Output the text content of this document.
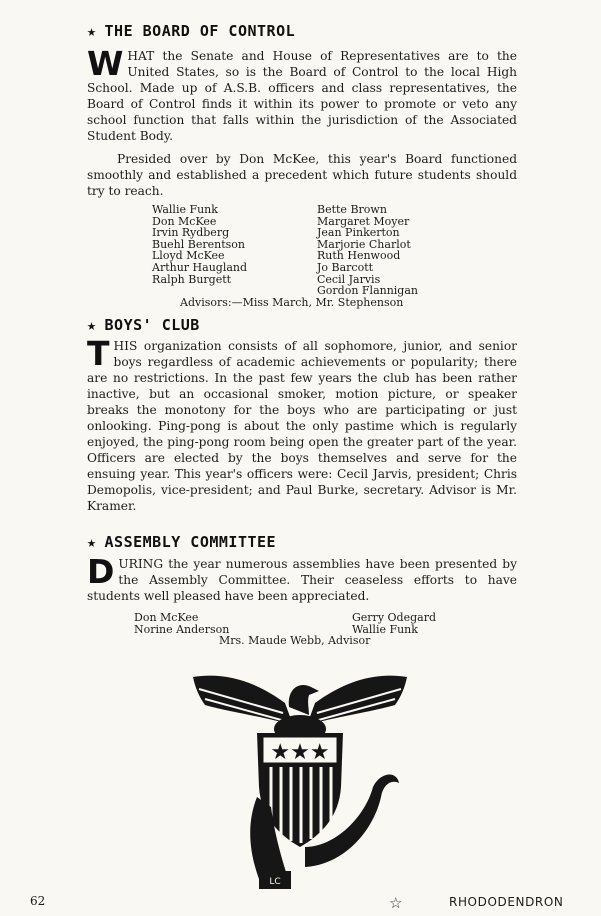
★ THE BOARD OF CONTROL

WHAT the Senate and House of Representatives are to the United States, so is the Board of Control to the local High School. Made up of A.S.B. officers and class representatives, the Board of Control finds it within its power to promote or veto any school function that falls within the jurisdiction of the Associated Student Body.

Presided over by Don McKee, this year's Board functioned smoothly and established a precedent which future students should try to reach.

Wallie Funk
Don McKee
Irvin Rydberg
Buehl Berentson
Lloyd McKee
Arthur Haugland
Ralph Burgett
Bette Brown
Margaret Moyer
Jean Pinkerton
Marjorie Charlot
Ruth Henwood
Jo Barcott
Cecil Jarvis
Gordon Flannigan
Advisors:—Miss March, Mr. Stephenson
★ BOYS' CLUB

THIS organization consists of all sophomore, junior, and senior boys regardless of academic achievements or popularity; there are no restrictions. In the past few years the club has been rather inactive, but an occasional smoker, motion picture, or speaker breaks the monotony for the boys who are participating or just onlooking. Ping-pong is about the only pastime which is regularly enjoyed, the ping-pong room being open the greater part of the year. Officers are elected by the boys themselves and serve for the ensuing year. This year's officers were: Cecil Jarvis, president; Chris Demopolis, vice-president; and Paul Burke, secretary. Advisor is Mr. Kramer.

★ ASSEMBLY COMMITTEE

DURING the year numerous assemblies have been presented by the Assembly Committee. Their ceaseless efforts to have students well pleased have been appreciated.

Don McKee
Norine Anderson
Gerry Odegard
Wallie Funk
Mrs. Maude Webb, Advisor
★★★
LC
62	☆	RHODODENDRON
